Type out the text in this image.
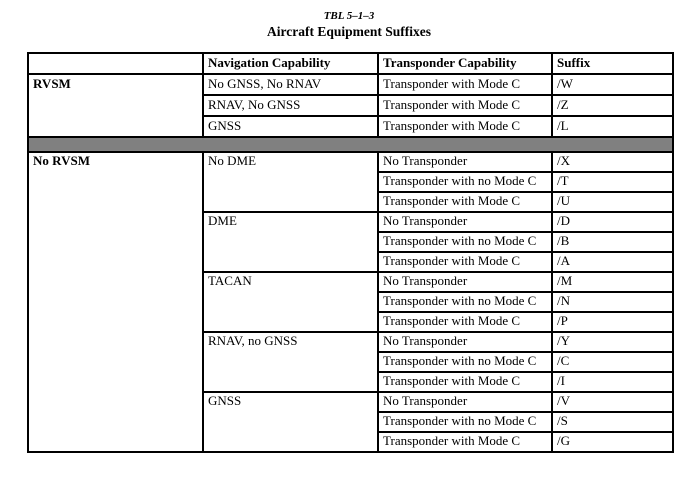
TBL 5–1–3
Aircraft Equipment Suffixes
	Navigation Capability	Transponder Capability	Suffix
RVSM	No GNSS, No RNAV	Transponder with Mode C	/W
	RNAV, No GNSS	Transponder with Mode C	/Z
	GNSS	Transponder with Mode C	/L

No RVSM	No DME	No Transponder	/X
		Transponder with no Mode C	/T
		Transponder with Mode C	/U
	DME	No Transponder	/D
		Transponder with no Mode C	/B
		Transponder with Mode C	/A
	TACAN	No Transponder	/M
		Transponder with no Mode C	/N
		Transponder with Mode C	/P
	RNAV, no GNSS	No Transponder	/Y
		Transponder with no Mode C	/C
		Transponder with Mode C	/I
	GNSS	No Transponder	/V
		Transponder with no Mode C	/S
		Transponder with Mode C	/G
